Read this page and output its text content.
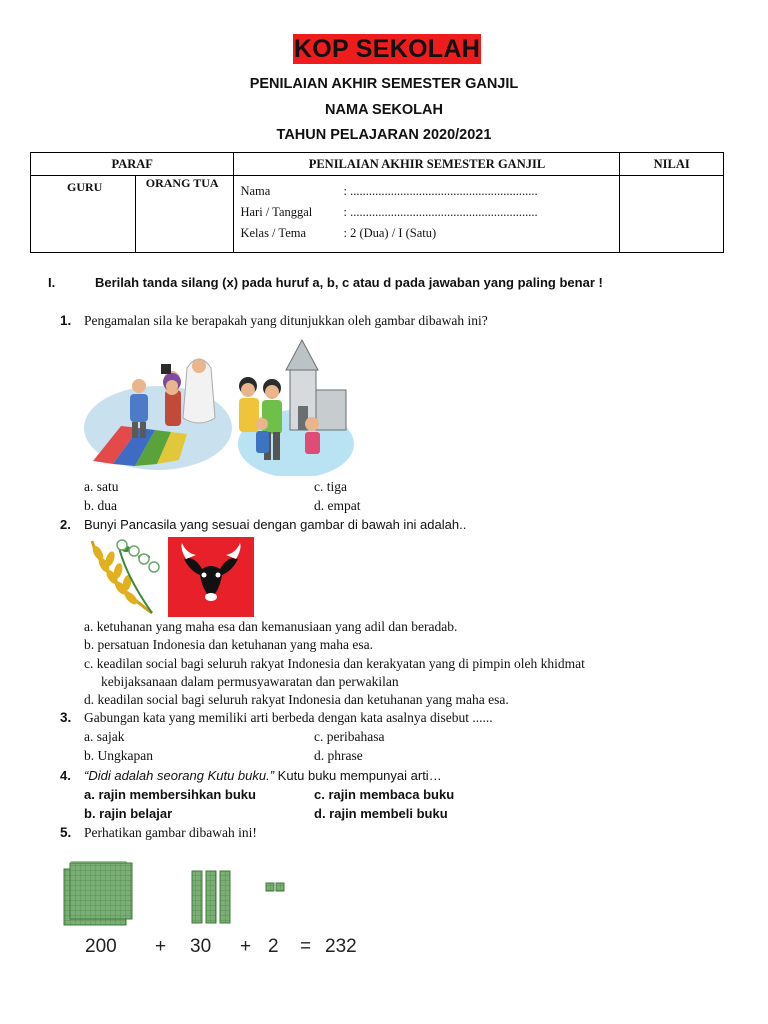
KOP SEKOLAH
PENILAIAN AKHIR SEMESTER GANJIL
NAMA SEKOLAH
TAHUN PELAJARAN 2020/2021
PARAF	PENILAIAN AKHIR SEMESTER GANJIL	NILAI

GURU	ORANG TUA

Nama	: ............................................................
Hari / Tanggal	: ............................................................
Kelas / Tema	: 2 (Dua) / I (Satu)

I.	Berilah tanda silang (x) pada huruf a, b, c atau d pada jawaban yang paling benar !
1. Pengamalan sila ke berapakah yang ditunjukkan oleh gambar dibawah ini?
a. satu	c. tiga
b. dua	d. empat
2. Bunyi Pancasila yang sesuai dengan gambar di bawah ini adalah..
a. ketuhanan yang maha esa dan kemanusiaan yang adil dan beradab.
b. persatuan Indonesia dan ketuhanan yang maha esa.
c. keadilan social bagi seluruh rakyat Indonesia dan kerakyatan yang di pimpin oleh khidmat
kebijaksanaan dalam permusyawaratan dan perwakilan
d. keadilan social bagi seluruh rakyat Indonesia dan ketuhanan yang maha esa.
3. Gabungan kata yang memiliki arti berbeda dengan kata asalnya disebut ......
a. sajak	c. peribahasa
b. Ungkapan	d. phrase
4. “Didi adalah seorang Kutu buku.” Kutu buku mempunyai arti…
a. rajin membersihkan buku	c. rajin membaca buku
b. rajin belajar	d. rajin membeli buku
5. Perhatikan gambar dibawah ini!
200 + 30 + 2 = 232
